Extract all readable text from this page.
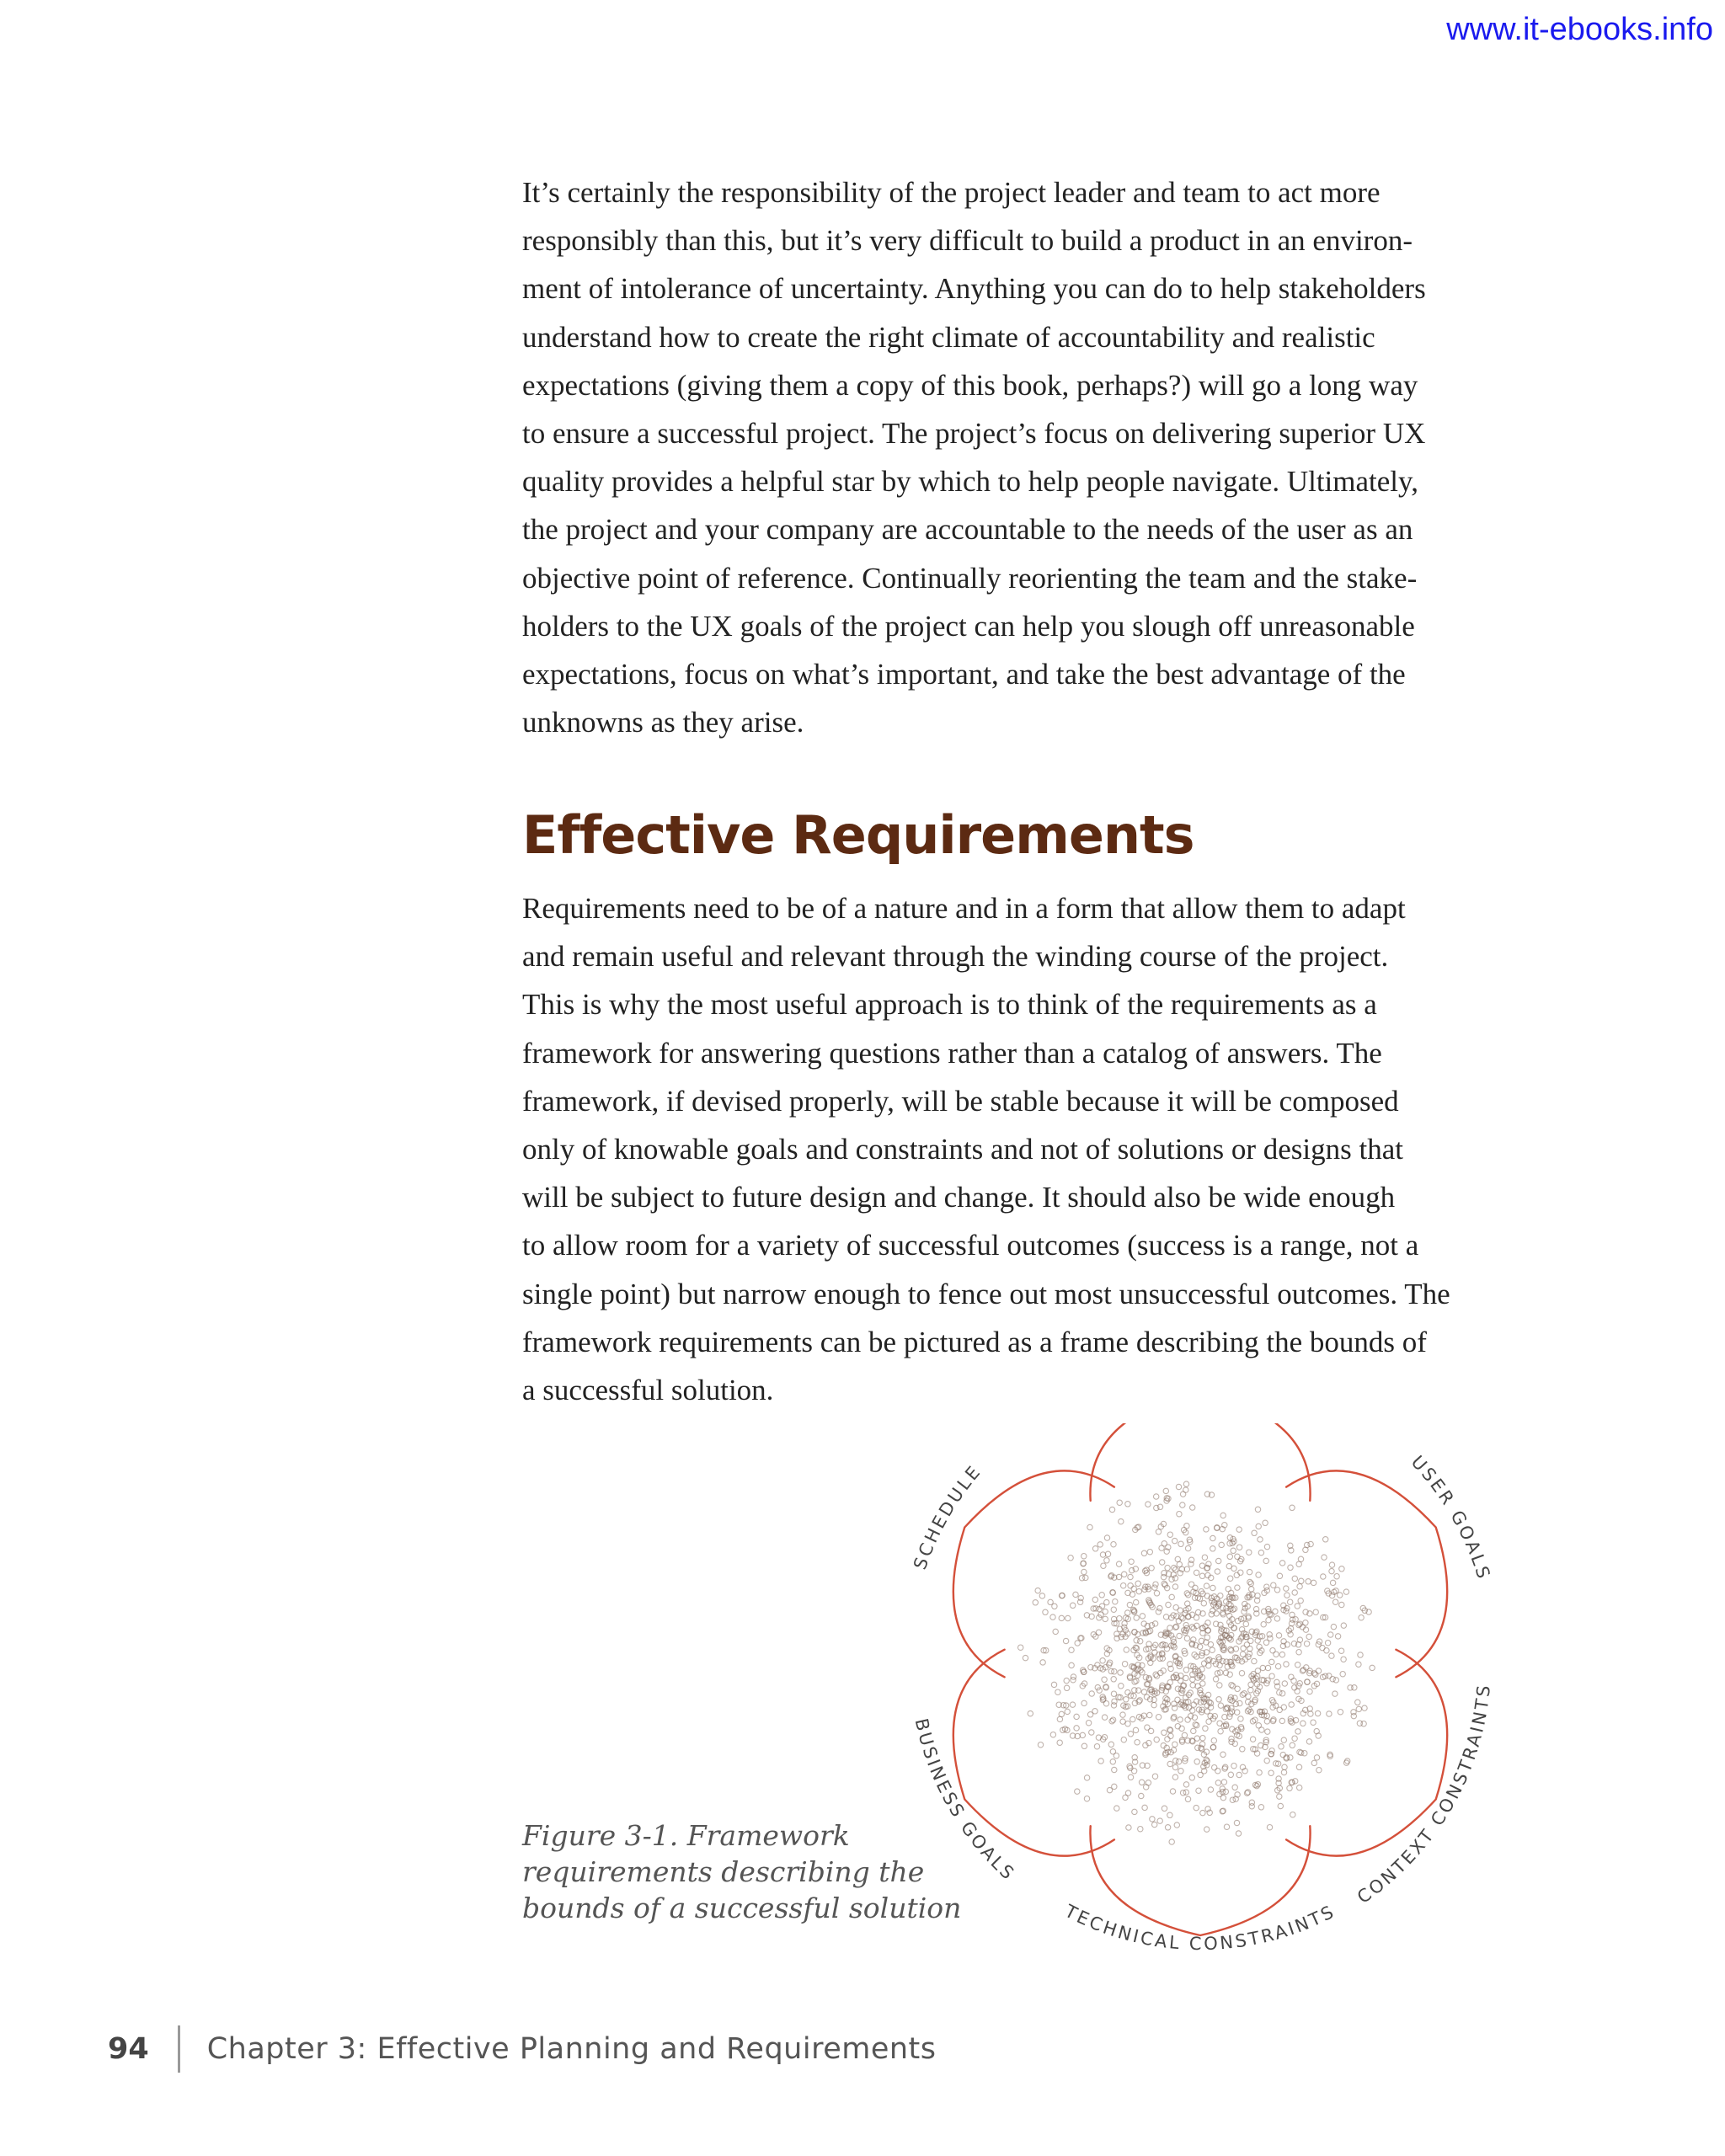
www.it-ebooks.info
It’s certainly the responsibility of the project leader and team to act more
responsibly than this, but it’s very difficult to build a product in an environ-
ment of intolerance of uncertainty. Anything you can do to help stakeholders
understand how to create the right climate of accountability and realistic
expectations (giving them a copy of this book, perhaps?) will go a long way
to ensure a successful project. The project’s focus on delivering superior UX
quality provides a helpful star by which to help people navigate. Ultimately,
the project and your company are accountable to the needs of the user as an
objective point of reference. Continually reorienting the team and the stake-
holders to the UX goals of the project can help you slough off unreasonable
expectations, focus on what’s important, and take the best advantage of the
unknowns as they arise.
Effective Requirements
Requirements need to be of a nature and in a form that allow them to adapt
and remain useful and relevant through the winding course of the project.
This is why the most useful approach is to think of the requirements as a
framework for answering questions rather than a catalog of answers. The
framework, if devised properly, will be stable because it will be composed
only of knowable goals and constraints and not of solutions or designs that
will be subject to future design and change. It should also be wide enough
to allow room for a variety of successful outcomes (success is a range, not a
single point) but narrow enough to fence out most unsuccessful outcomes. The
framework requirements can be pictured as a frame describing the bounds of
a successful solution.
USER GOALS
CONTEXT CONSTRAINTS
TECHNICAL CONSTRAINTS
BUSINESS GOALS
SCHEDULE
Figure 3-1. Framework
requirements describing the
bounds of a successful solution
94 Chapter 3: Effective Planning and Requirements
